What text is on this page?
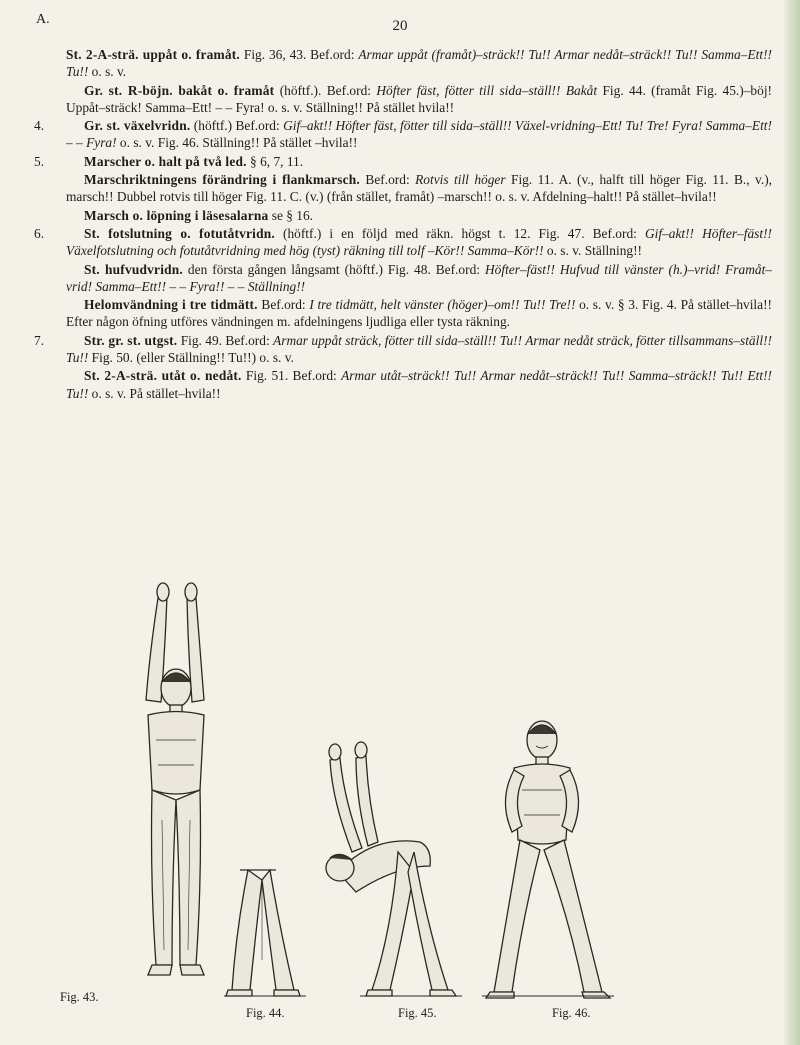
A.	20
St. 2-A-strä. uppåt o. framåt. Fig. 36, 43. Bef.ord: Armar uppåt (framåt)–sträck!! Tu!! Armar nedåt–sträck!! Tu!! Samma–Ett!! Tu!! o. s. v.
Gr. st. R-böjn. bakåt o. framåt (höftf.). Bef.ord: Höfter fäst, fötter till sida–ställ!! Bakåt Fig. 44. (framåt Fig. 45.)–böj! Uppåt–sträck! Samma–Ett! – – Fyra! o. s. v. Ställning!! På stället hvila!!
4.	Gr. st. växelvridn. (höftf.) Bef.ord: Gif–akt!! Höfter fäst, fötter till sida–ställ!! Växel-vridning–Ett! Tu! Tre! Fyra! Samma–Ett! – – Fyra! o. s. v. Fig. 46. Ställning!! På stället –hvila!!
5.	Marscher o. halt på två led. § 6, 7, 11.
Marschriktningens förändring i flankmarsch. Bef.ord: Rotvis till höger Fig. 11. A. (v., halft till höger Fig. 11. B., v.), marsch!! Dubbel rotvis till höger Fig. 11. C. (v.) (från stället, framåt) –marsch!! o. s. v. Afdelning–halt!! På stället–hvila!!
Marsch o. löpning i läsesalarna se § 16.
6.	St. fotslutning o. fotutåtvridn. (höftf.) i en följd med räkn. högst t. 12. Fig. 47. Bef.ord: Gif–akt!! Höfter–fäst!! Växelfotslutning och fotutåtvridning med hög (tyst) räkning till tolf –Kör!! Samma–Kör!! o. s. v. Ställning!!
St. hufvudvridn. den första gången långsamt (höftf.) Fig. 48. Bef.ord: Höfter–fäst!! Hufvud till vänster (h.)–vrid! Framåt–vrid! Samma–Ett!! – – Fyra!! – – Ställning!!
Helomvändning i tre tidmätt. Bef.ord: I tre tidmätt, helt vänster (höger)–om!! Tu!! Tre!! o. s. v. § 3. Fig. 4. På stället–hvila!! Efter någon öfning utföres vändningen m. afdelningens ljudliga eller tysta räkning.
7.	Str. gr. st. utgst. Fig. 49. Bef.ord: Armar uppåt sträck, fötter till sida–ställ!! Tu!! Armar nedåt sträck, fötter tillsammans–ställ!! Tu!! Fig. 50. (eller Ställning!! Tu!!) o. s. v.
St. 2-A-strä. utåt o. nedåt. Fig. 51. Bef.ord: Armar utåt–sträck!! Tu!! Armar nedåt–sträck!! Tu!! Samma–sträck!! Tu!! Ett!! Tu!! o. s. v. På stället–hvila!!
Fig. 43.
Fig. 44.	Fig. 45.	Fig. 46.
